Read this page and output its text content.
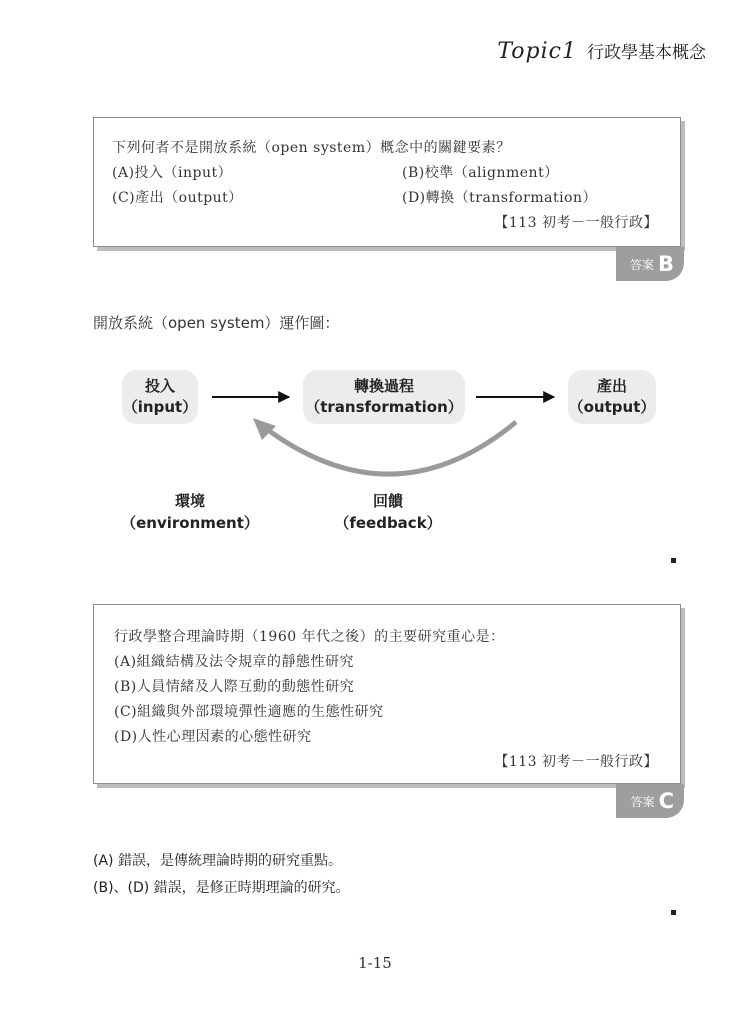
Topic1 行政學基本概念
下列何者不是開放系統（open system）概念中的關鍵要素？
(A)投入（input）	(B)校準（alignment）
(C)產出（output）	(D)轉換（transformation）
【113 初考－一般行政】
答案 B
開放系統（open system）運作圖：
投入
（input）
轉換過程
（transformation）
產出
（output）
環境
（environment）
回饋
（feedback）
行政學整合理論時期（1960 年代之後）的主要研究重心是：
(A)組織結構及法令規章的靜態性研究
(B)人員情緒及人際互動的動態性研究
(C)組織與外部環境彈性適應的生態性研究
(D)人性心理因素的心態性研究
【113 初考－一般行政】
答案 C
(A) 錯誤，是傳統理論時期的研究重點。
(B)、(D) 錯誤，是修正時期理論的研究。
1-15
